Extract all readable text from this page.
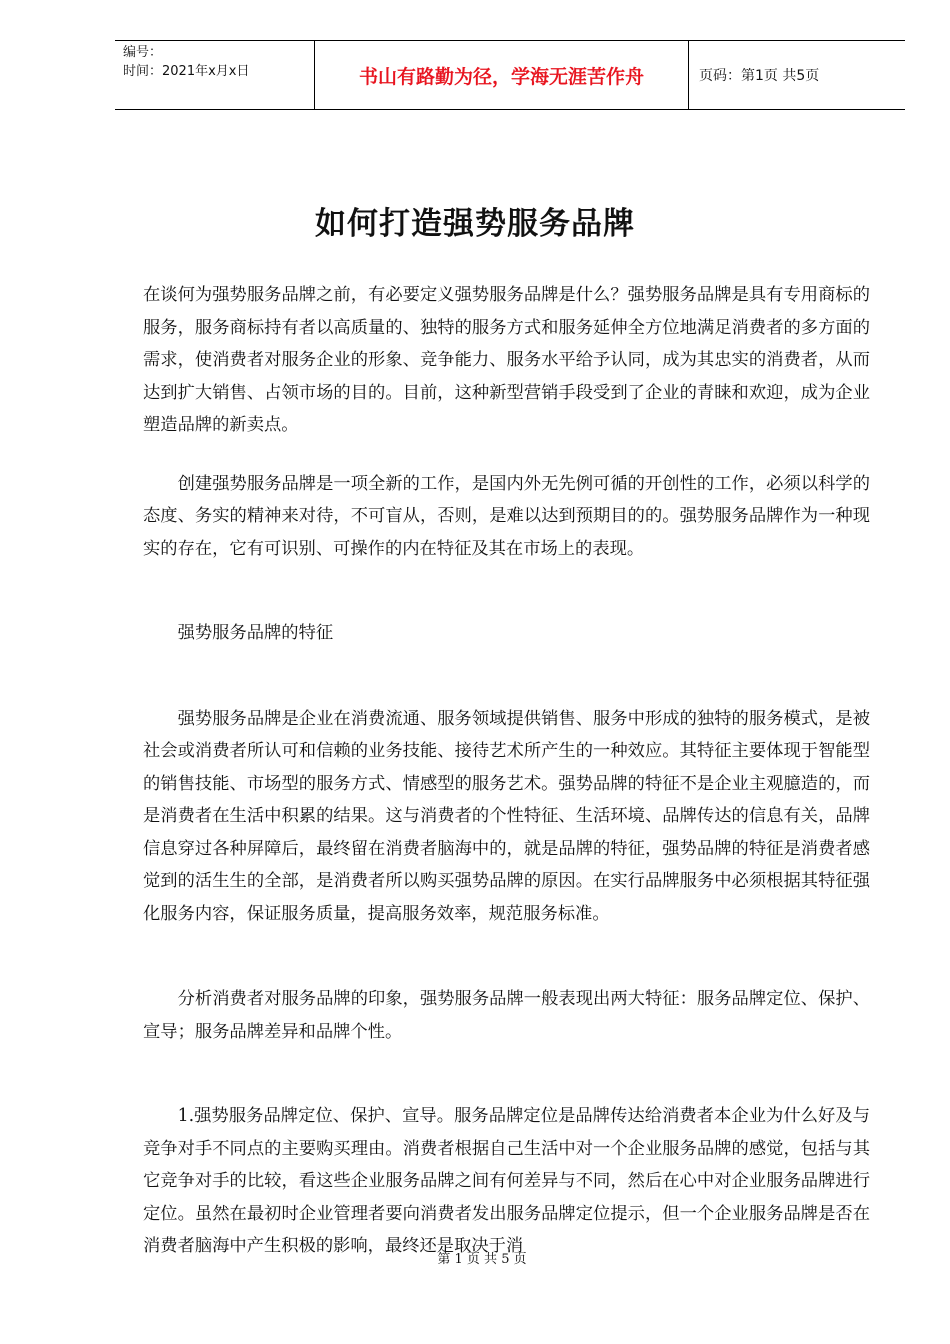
编号：
时间：2021年x月x日	书山有路勤为径，学海无涯苦作舟	页码：第1页 共5页
如何打造强势服务品牌

在谈何为强势服务品牌之前，有必要定义强势服务品牌是什么？强势服务品牌是具有专用商标的服务，服务商标持有者以高质量的、独特的服务方式和服务延伸全方位地满足消费者的多方面的需求，使消费者对服务企业的形象、竞争能力、服务水平给予认同，成为其忠实的消费者，从而达到扩大销售、占领市场的目的。目前，这种新型营销手段受到了企业的青睐和欢迎，成为企业塑造品牌的新卖点。

创建强势服务品牌是一项全新的工作，是国内外无先例可循的开创性的工作，必须以科学的态度、务实的精神来对待，不可盲从，否则，是难以达到预期目的的。强势服务品牌作为一种现实的存在，它有可识别、可操作的内在特征及其在市场上的表现。

强势服务品牌的特征

强势服务品牌是企业在消费流通、服务领域提供销售、服务中形成的独特的服务模式，是被社会或消费者所认可和信赖的业务技能、接待艺术所产生的一种效应。其特征主要体现于智能型的销售技能、市场型的服务方式、情感型的服务艺术。强势品牌的特征不是企业主观臆造的，而是消费者在生活中积累的结果。这与消费者的个性特征、生活环境、品牌传达的信息有关，品牌信息穿过各种屏障后，最终留在消费者脑海中的，就是品牌的特征，强势品牌的特征是消费者感觉到的活生生的全部，是消费者所以购买强势品牌的原因。在实行品牌服务中必须根据其特征强化服务内容，保证服务质量，提高服务效率，规范服务标准。

分析消费者对服务品牌的印象，强势服务品牌一般表现出两大特征：服务品牌定位、保护、宣导；服务品牌差异和品牌个性。

1.强势服务品牌定位、保护、宣导。服务品牌定位是品牌传达给消费者本企业为什么好及与竞争对手不同点的主要购买理由。消费者根据自己生活中对一个企业服务品牌的感觉，包括与其它竞争对手的比较，看这些企业服务品牌之间有何差异与不同，然后在心中对企业服务品牌进行定位。虽然在最初时企业管理者要向消费者发出服务品牌定位提示，但一个企业服务品牌是否在消费者脑海中产生积极的影响，最终还是取决于消

第 1 页 共 5 页
